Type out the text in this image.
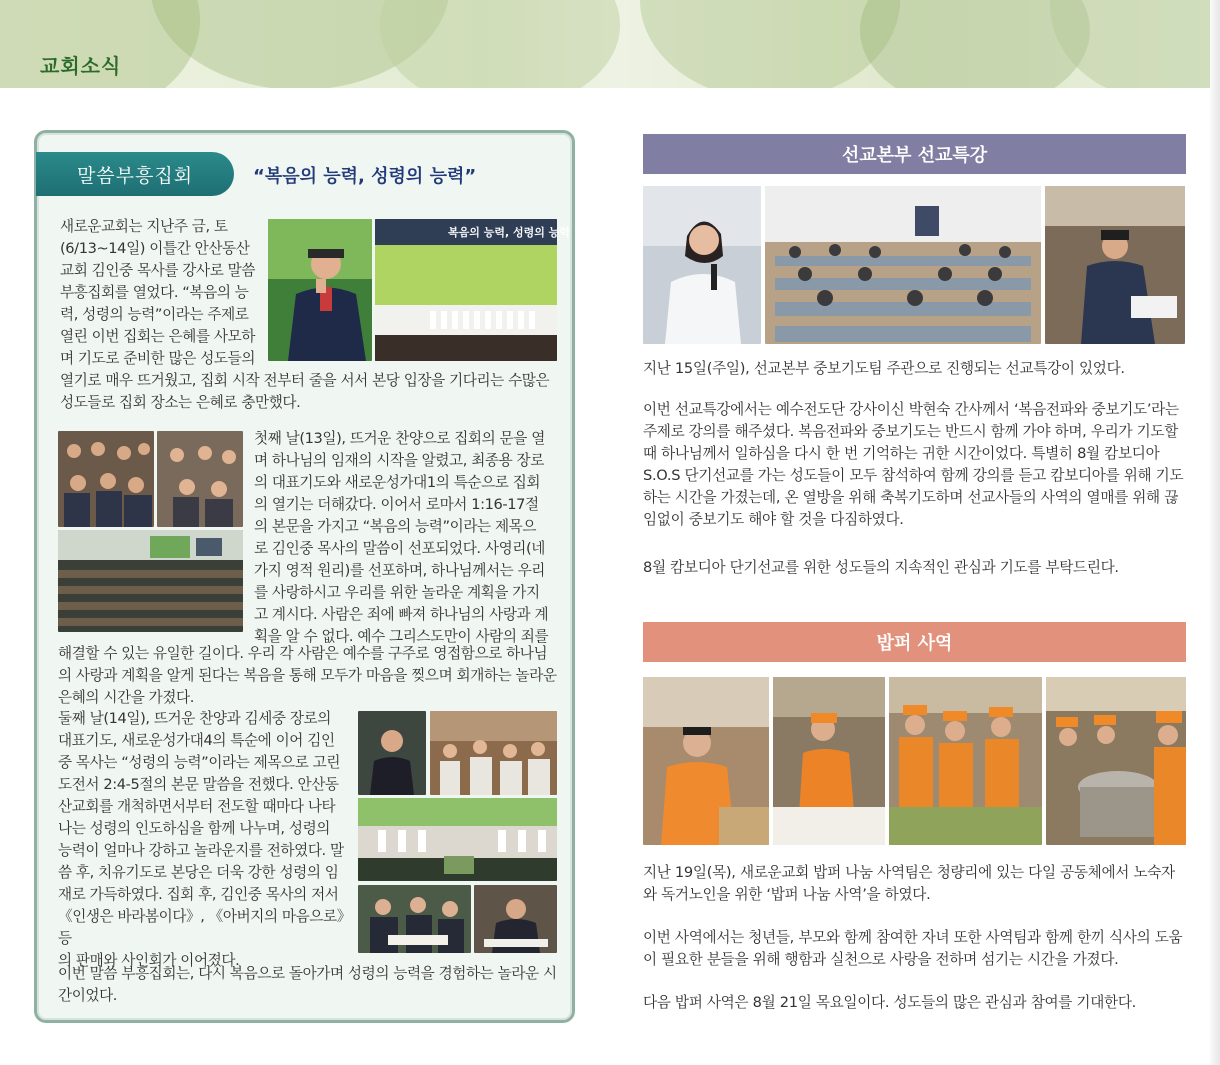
교회소식
말씀부흥집회	“복음의 능력, 성령의 능력”
복음의 능력, 성령의 능력
새로운교회는 지난주 금, 토
(6/13~14일) 이틀간 안산동산
교회 김인중 목사를 강사로 말씀
부흥집회를 열었다. “복음의 능
력, 성령의 능력”이라는 주제로
열린 이번 집회는 은혜를 사모하
며 기도로 준비한 많은 성도들의

열기로 매우 뜨거웠고, 집회 시작 전부터 줄을 서서 본당 입장을 기다리는 수많은 성도들로 집회 장소는 은혜로 충만했다.

첫째 날(13일), 뜨거운 찬양으로 집회의 문을 열
며 하나님의 임재의 시작을 알렸고, 최종용 장로
의 대표기도와 새로운성가대1의 특순으로 집회
의 열기는 더해갔다. 이어서 로마서 1:16-17절
의 본문을 가지고 “복음의 능력”이라는 제목으
로 김인중 목사의 말씀이 선포되었다. 사영리(네
가지 영적 원리)를 선포하며, 하나님께서는 우리
를 사랑하시고 우리를 위한 놀라운 계획을 가지
고 계시다. 사람은 죄에 빠져 하나님의 사랑과 계
획을 알 수 없다. 예수 그리스도만이 사람의 죄를

해결할 수 있는 유일한 길이다. 우리 각 사람은 예수를 구주로 영접함으로 하나님의 사랑과 계획을 알게 된다는 복음을 통해 모두가 마음을 찢으며 회개하는 놀라운 은혜의 시간을 가졌다.

둘째 날(14일), 뜨거운 찬양과 김세중 장로의
대표기도, 새로운성가대4의 특순에 이어 김인
중 목사는 “성령의 능력”이라는 제목으로 고린
도전서 2:4-5절의 본문 말씀을 전했다. 안산동
산교회를 개척하면서부터 전도할 때마다 나타
나는 성령의 인도하심을 함께 나누며, 성령의
능력이 얼마나 강하고 놀라운지를 전하였다. 말
씀 후, 치유기도로 본당은 더욱 강한 성령의 임
재로 가득하였다. 집회 후, 김인중 목사의 저서
《인생은 바라봄이다》, 《아버지의 마음으로》 등
의 판매와 사인회가 이어졌다.

이번 말씀 부흥집회는, 다시 복음으로 돌아가며 성령의 능력을 경험하는 놀라운 시간이었다.

선교본부 선교특강

지난 15일(주일), 선교본부 중보기도팀 주관으로 진행되는 선교특강이 있었다.

이번 선교특강에서는 예수전도단 강사이신 박현숙 간사께서 ‘복음전파와 중보기도’라는 주제로 강의를 해주셨다. 복음전파와 중보기도는 반드시 함께 가야 하며, 우리가 기도할 때 하나님께서 일하심을 다시 한 번 기억하는 귀한 시간이었다. 특별히 8월 캄보디아 S.O.S 단기선교를 가는 성도들이 모두 참석하여 함께 강의를 듣고 캄보디아를 위해 기도하는 시간을 가졌는데, 온 열방을 위해 축복기도하며 선교사들의 사역의 열매를 위해 끊임없이 중보기도 해야 할 것을 다짐하였다.

8월 캄보디아 단기선교를 위한 성도들의 지속적인 관심과 기도를 부탁드린다.

밥퍼 사역

지난 19일(목), 새로운교회 밥퍼 나눔 사역팀은 청량리에 있는 다일 공동체에서 노숙자와 독거노인을 위한 ‘밥퍼 나눔 사역’을 하였다.

이번 사역에서는 청년들, 부모와 함께 참여한 자녀 또한 사역팀과 함께 한끼 식사의 도움이 필요한 분들을 위해 행함과 실천으로 사랑을 전하며 섬기는 시간을 가졌다.

다음 밥퍼 사역은 8월 21일 목요일이다. 성도들의 많은 관심과 참여를 기대한다.
